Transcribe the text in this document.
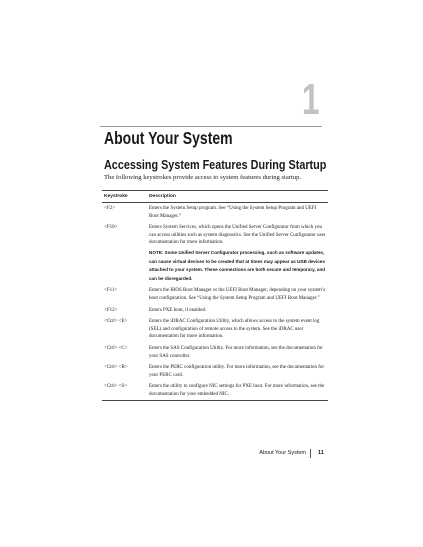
1
About Your System
Accessing System Features During Startup
The following keystrokes provide access to system features during startup.
Keystroke	Description
<F2>	Enters the System Setup program. See “Using the System Setup Program and UEFI Boot Manager.”
<F10>	Enters System Services, which opens the Unified Server Configurator from which you can access utilities such as system diagnostics. See the Unified Server Configurator user documentation for more information.
NOTE: Some Unified Server Configurator processing, such as software updates, can cause virtual devices to be created that at times may appear as USB devices attached to your system. These connections are both secure and temporary, and can be disregarded.

<F11>	Enters the BIOS Boot Manager or the UEFI Boot Manager, depending on your system’s boot configuration. See “Using the System Setup Program and UEFI Boot Manager.”
<F12>	Enters PXE boot, if enabled.
<Ctrl> <E>	Enters the iDRAC Configuration Utility, which allows access to the system event log (SEL) and configuration of remote access to the system. See the iDRAC user documentation for more information.
<Ctrl> <C>	Enters the SAS Configuration Utility. For more information, see the documentation for your SAS controller.
<Ctrl> <R>	Enters the PERC configuration utility. For more information, see the documentation for your PERC card.
<Ctrl> <S>	Enters the utility to configure NIC settings for PXE boot. For more information, see the documentation for your embedded NIC.
About Your System 11
